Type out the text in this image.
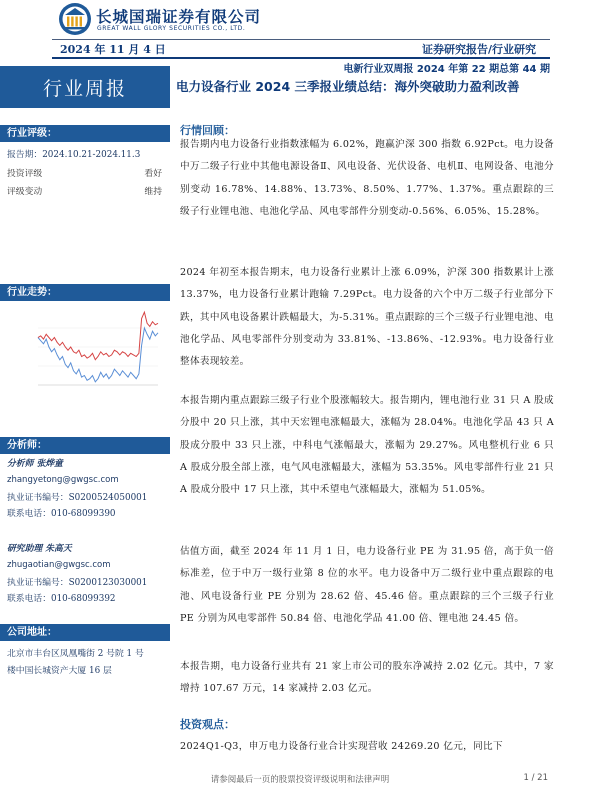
长城国瑞证券有限公司
GREAT WALL GLORY SECURITIES CO., LTD.
2024 年 11 月 4 日	证券研究报告/行业研究
电新行业双周报 2024 年第 22 期总第 44 期
行业周报	电力设备行业 2024 三季报业绩总结：海外突破助力盈利改善
行业评级：
报告期：2024.10.21-2024.11.3
投资评级	看好
评级变动	维持
行业走势：
分析师：
分析师 张烨童
zhangyetong@gwgsc.com
执业证书编号：S0200524050001
联系电话：010-68099390
研究助理 朱高天
zhugaotian@gwgsc.com
执业证书编号：S0200123030001
联系电话：010-68099392
公司地址：
北京市丰台区凤凰嘴街 2 号院 1 号
楼中国长城资产大厦 16 层
行情回顾：
报告期内电力设备行业指数涨幅为 6.02%，跑赢沪深 300 指数 6.92Pct。电力设备中万二级子行业中其他电源设备Ⅱ、风电设备、光伏设备、电机Ⅱ、电网设备、电池分别变动 16.78%、14.88%、13.73%、8.50%、1.77%、1.37%。重点跟踪的三级子行业锂电池、电池化学品、风电零部件分别变动-0.56%、6.05%、15.28%。
2024 年初至本报告期末，电力设备行业累计上涨 6.09%，沪深 300 指数累计上涨 13.37%，电力设备行业累计跑输 7.29Pct。电力设备的六个中万二级子行业部分下跌，其中风电设备累计跌幅最大，为-5.31%。重点跟踪的三个三级子行业锂电池、电池化学品、风电零部件分别变动为 33.81%、-13.86%、-12.93%。电力设备行业整体表现较差。
本报告期内重点跟踪三级子行业个股涨幅较大。报告期内，锂电池行业 31 只 A 股成分股中 20 只上涨，其中天宏锂电涨幅最大，涨幅为 28.04%。电池化学品 43 只 A 股成分股中 33 只上涨，中科电气涨幅最大，涨幅为 29.27%。风电整机行业 6 只 A 股成分股全部上涨，电气风电涨幅最大，涨幅为 53.35%。风电零部件行业 21 只 A 股成分股中 17 只上涨，其中禾望电气涨幅最大，涨幅为 51.05%。
估值方面，截至 2024 年 11 月 1 日，电力设备行业 PE 为 31.95 倍，高于负一倍标准差，位于中万一级行业第 8 位的水平。电力设备中万二级行业中重点跟踪的电池、风电设备行业 PE 分别为 28.62 倍、45.46 倍。重点跟踪的三个三级子行业 PE 分别为风电零部件 50.84 倍、电池化学品 41.00 倍、锂电池 24.45 倍。
本报告期，电力设备行业共有 21 家上市公司的股东净减持 2.02 亿元。其中，7 家增持 107.67 万元，14 家减持 2.03 亿元。
投资观点：
2024Q1-Q3，申万电力设备行业合计实现营收 24269.20 亿元，同比下
请参阅最后一页的股票投资评级说明和法律声明	1 / 21
